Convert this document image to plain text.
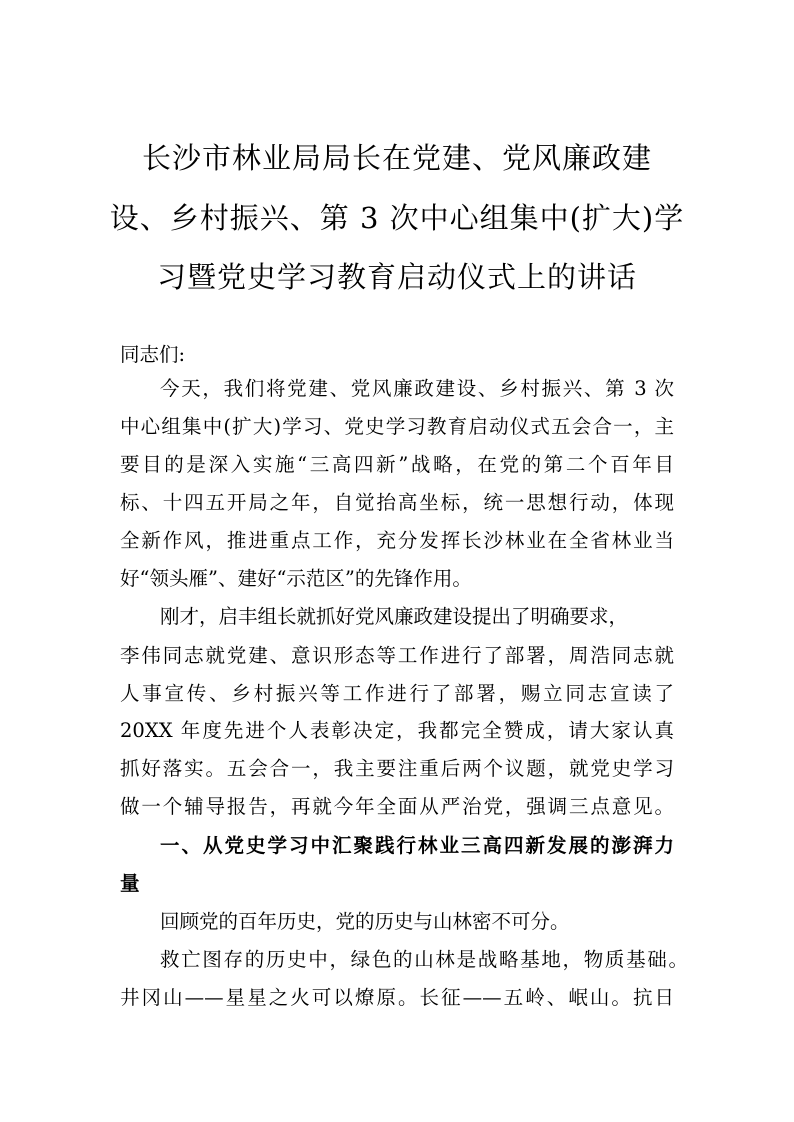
长沙市林业局局长在党建、党风廉政建
设、乡村振兴、第 3 次中心组集中(扩大)学
习暨党史学习教育启动仪式上的讲话
同志们:
今天，我们将党建、党风廉政建设、乡村振兴、第 3 次
中心组集中(扩大)学习、党史学习教育启动仪式五会合一，主
要目的是深入实施“三高四新”战略，在党的第二个百年目
标、十四五开局之年，自觉抬高坐标，统一思想行动，体现
全新作风，推进重点工作，充分发挥长沙林业在全省林业当
好“领头雁”、建好“示范区”的先锋作用。
刚才，启丰组长就抓好党风廉政建设提出了明确要求，
李伟同志就党建、意识形态等工作进行了部署，周浩同志就
人事宣传、乡村振兴等工作进行了部署，赐立同志宣读了
20XX 年度先进个人表彰决定，我都完全赞成，请大家认真
抓好落实。五会合一，我主要注重后两个议题，就党史学习
做一个辅导报告，再就今年全面从严治党，强调三点意见。
一、从党史学习中汇聚践行林业三高四新发展的澎湃力
量
回顾党的百年历史，党的历史与山林密不可分。
救亡图存的历史中，绿色的山林是战略基地，物质基础。
井冈山——星星之火可以燎原。长征——五岭、岷山。抗日
